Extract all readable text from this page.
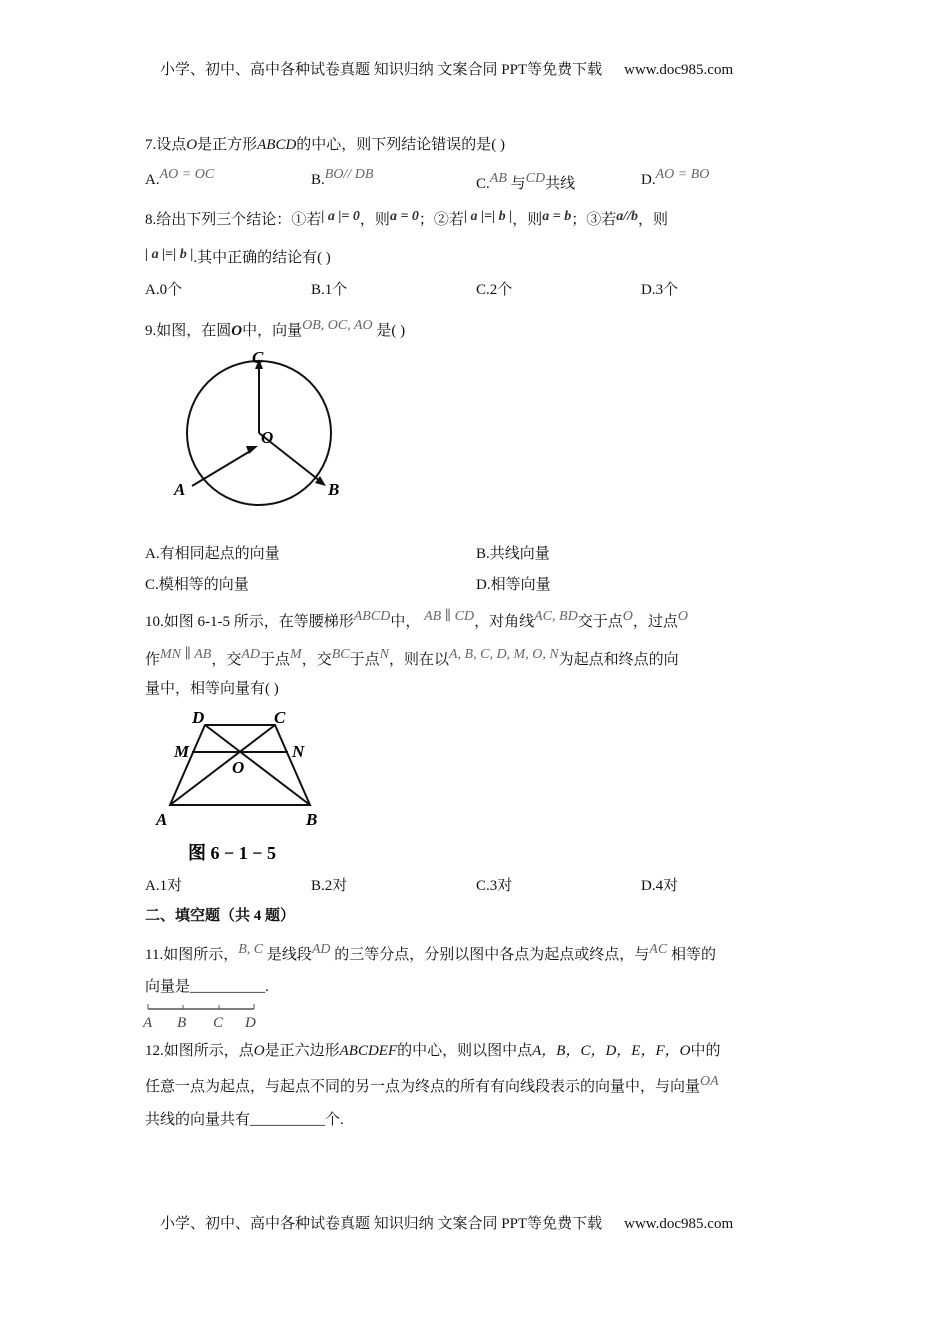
小学、初中、高中各种试卷真题 知识归纳 文案合同 PPT等免费下载 www.doc985.com
7.设点O是正方形ABCD的中心，则下列结论错误的是( )
A.AO = OC	B.BO// DB
C.AB 与CD共线	D.AO = BO
8.给出下列三个结论：①若| a |= 0，则a = 0；②若| a |=| b |，则a = b；③若a//b，则
| a |=| b |.其中正确的结论有( )
A.0个	B.1个	C.2个	D.3个
9.如图，在圆O中，向量OB, OC, AO 是( )
C
O
A	B
A.有相同起点的向量	B.共线向量
C.模相等的向量	D.相等向量
10.如图 6-1-5 所示，在等腰梯形ABCD中， AB ∥ CD，对角线AC, BD交于点O，过点O
作MN ∥ AB，交AD于点M，交BC于点N，则在以A, B, C, D, M, O, N为起点和终点的向
量中，相等向量有( )
D	C
M	N
O
A	B
图 6 − 1 − 5
A.1对	B.2对	C.3对	D.4对
二、填空题（共 4 题）
11.如图所示，B, C 是线段AD 的三等分点，分别以图中各点为起点或终点，与AC 相等的
向量是__________.
A B C D
12.如图所示，点O是正六边形ABCDEF的中心，则以图中点A，B，C，D，E，F，O中的
任意一点为起点，与起点不同的另一点为终点的所有有向线段表示的向量中，与向量OA
共线的向量共有__________个.
小学、初中、高中各种试卷真题 知识归纳 文案合同 PPT等免费下载 www.doc985.com
